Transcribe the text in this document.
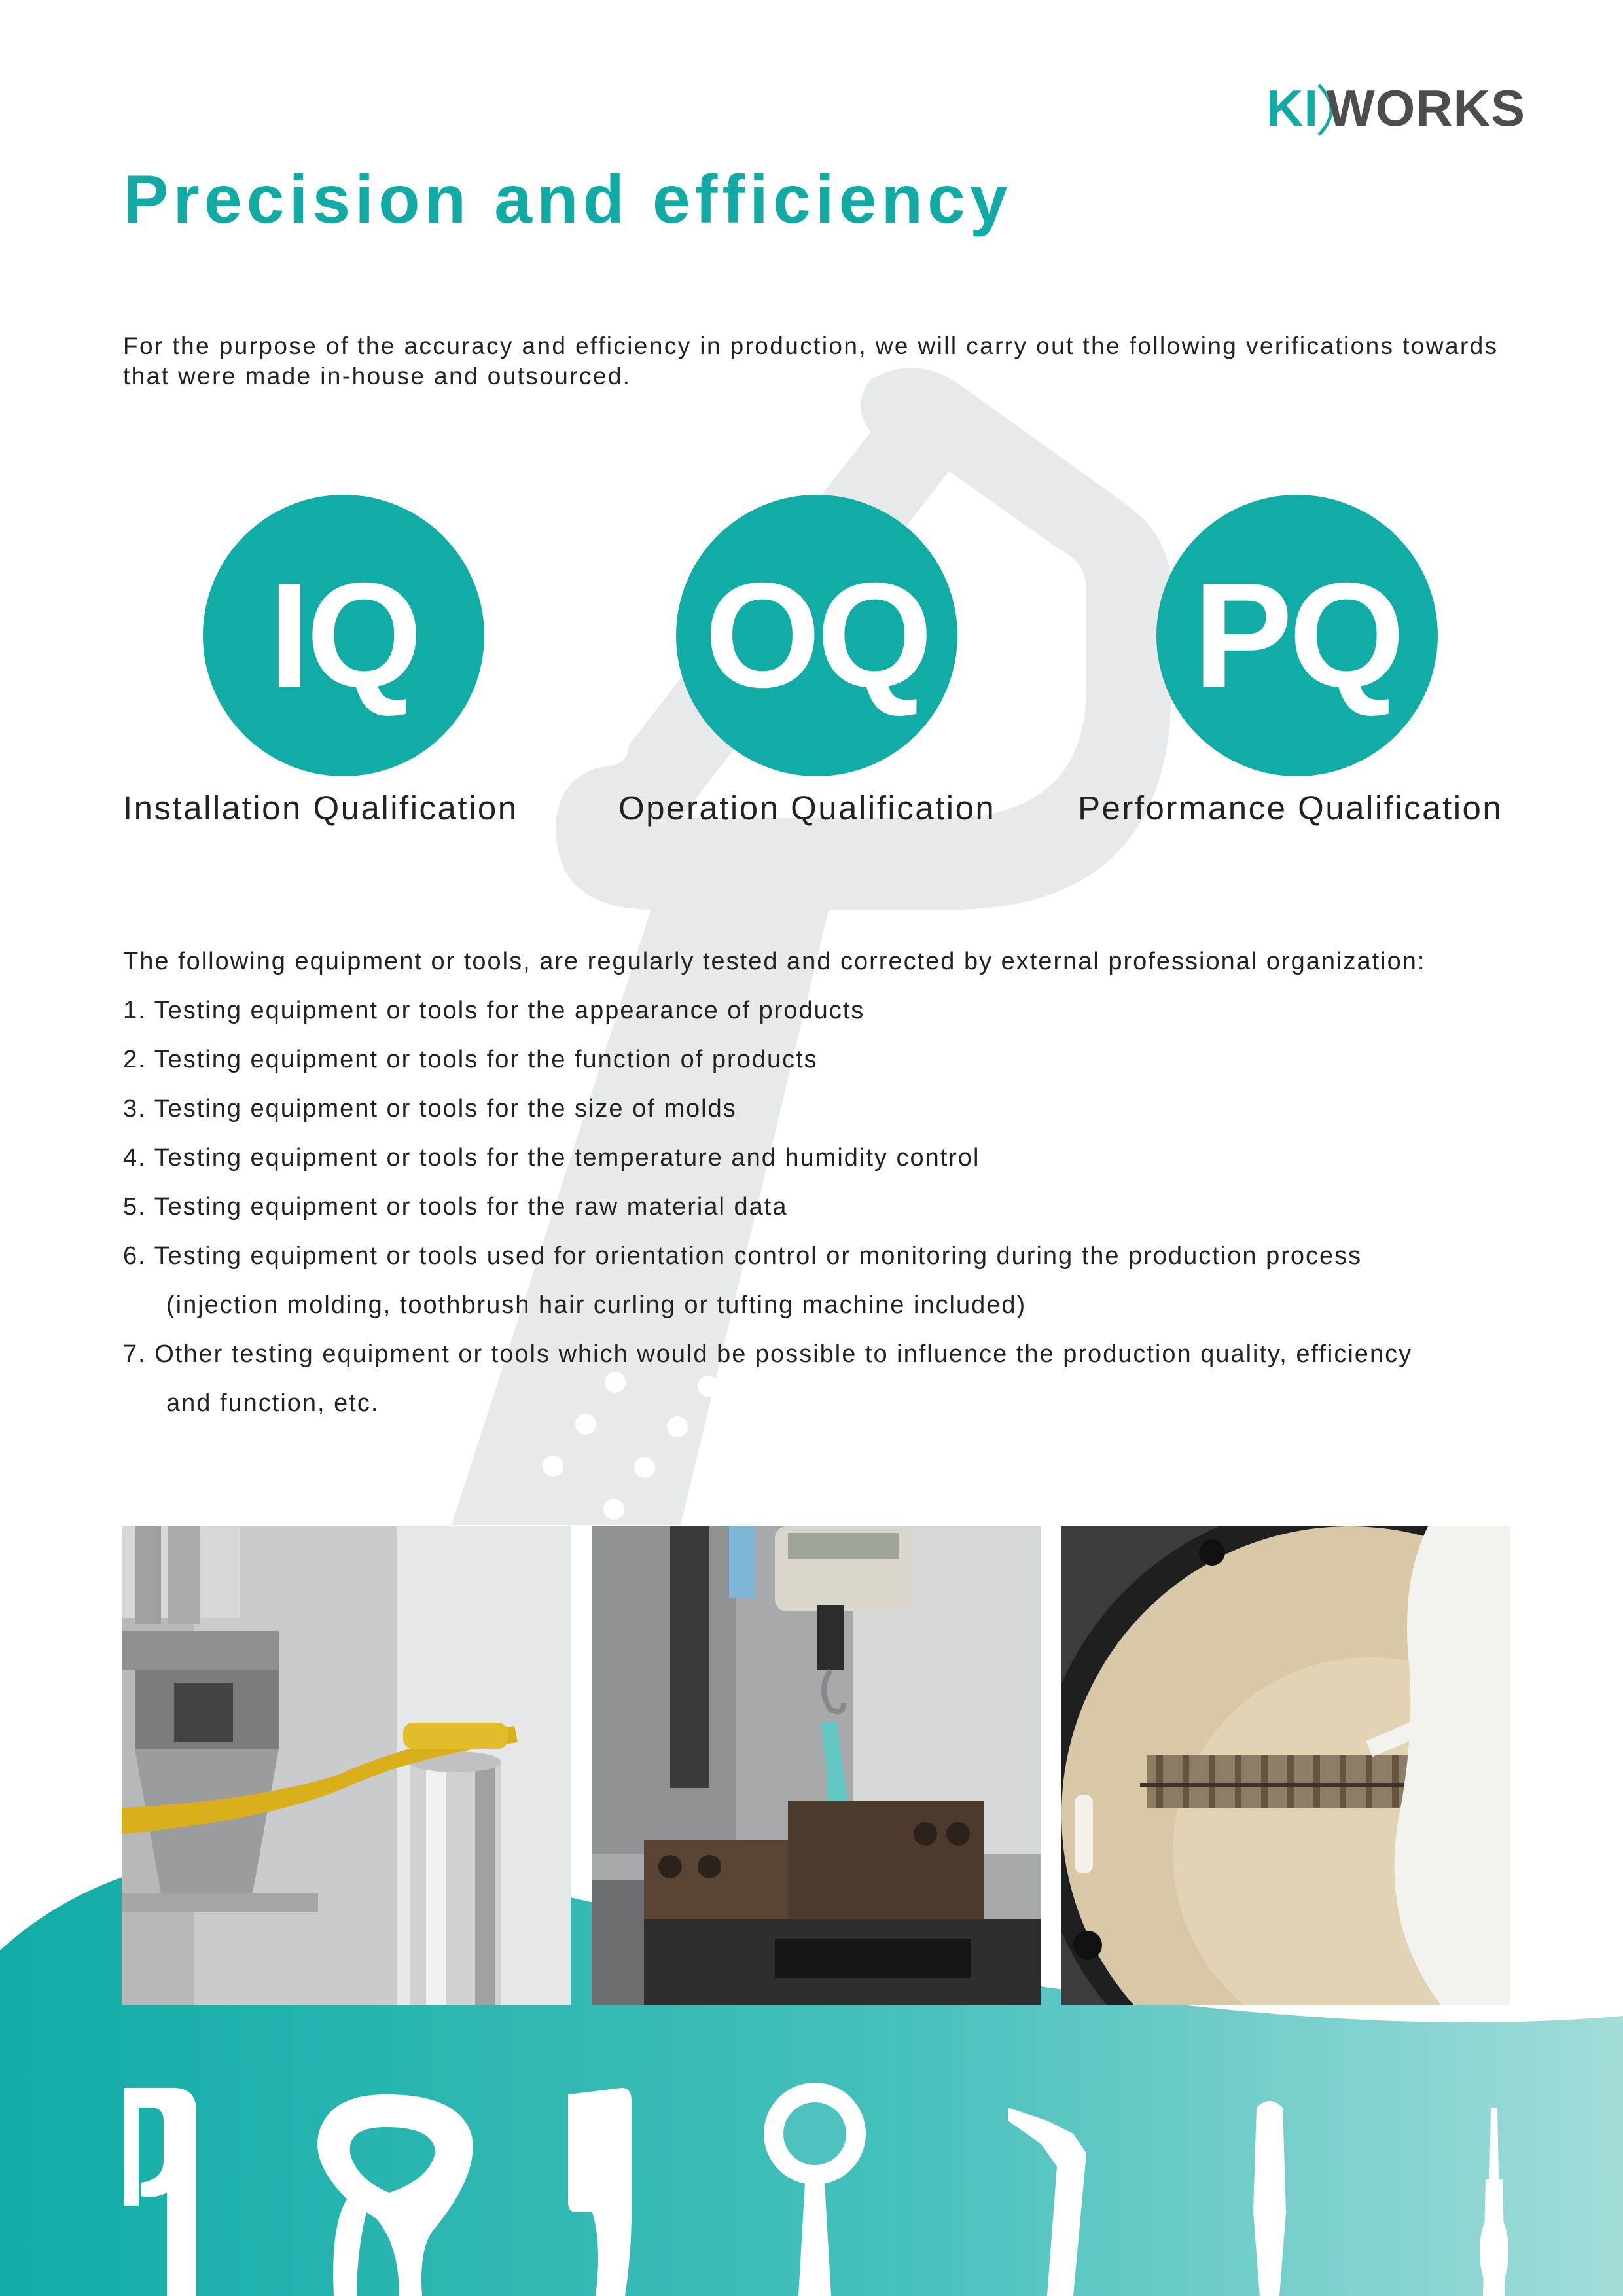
KI WORKS
Precision and efficiency

For the purpose of the accuracy and efficiency in production, we will carry out the following verifications towards that were made in-house and outsourced.

IQ	OQ PQ
Installation Qualification	Operation Qualification Performance Qualification
The following equipment or tools, are regularly tested and corrected by external professional organization:
1. Testing equipment or tools for the appearance of products
2. Testing equipment or tools for the function of products
3. Testing equipment or tools for the size of molds
4. Testing equipment or tools for the temperature and humidity control
5. Testing equipment or tools for the raw material data
6. Testing equipment or tools used for orientation control or monitoring during the production process
(injection molding, toothbrush hair curling or tufting machine included)
7. Other testing equipment or tools which would be possible to influence the production quality, efficiency
and function, etc.
